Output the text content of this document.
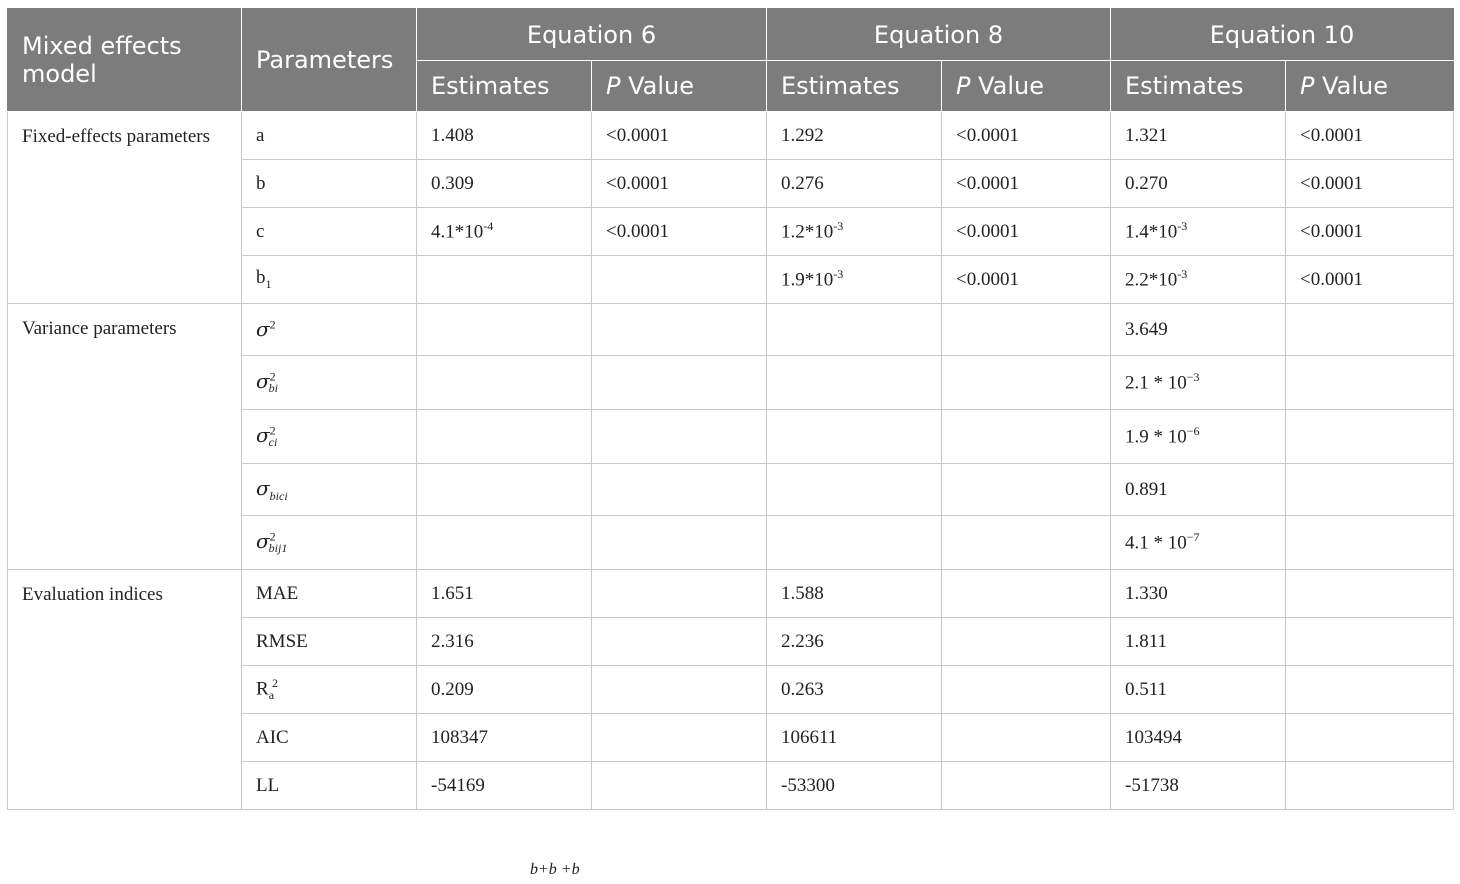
Mixed effects model	Parameters	Equation 6		Equation 8		Equation 10	
		Estimates	P Value	Estimates	P Value	Estimates	P Value
Fixed-effects parameters	a	1.408	<0.0001	1.292	<0.0001	1.321	<0.0001
	b	0.309	<0.0001	0.276	<0.0001	0.270	<0.0001
	c	$4.1*10^{-4}$	<0.0001	$1.2*10^{-3}$	<0.0001	$1.4*10^{-3}$	<0.0001
	$b_1$			$1.9*10^{-3}$	<0.0001	$2.2*10^{-3}$	<0.0001
Variance parameters	$\sigma^2$					3.649	
	$\sigma^2_{bi}$					$2.1 * 10^{-3}$	
	$\sigma^2_{ci}$					$1.9 * 10^{-6}$	
	$\sigma_{bici}$					0.891	
	$\sigma^2_{bij1}$					$4.1 * 10^{-7}$	
Evaluation indices	MAE	1.651		1.588		1.330	
	RMSE	2.316		2.236		1.811	
	$R_a^2$	0.209		0.263		0.511	
	AIC	108347		106611		103494	
	LL	-54169		-53300		-51738	
b+b +b
